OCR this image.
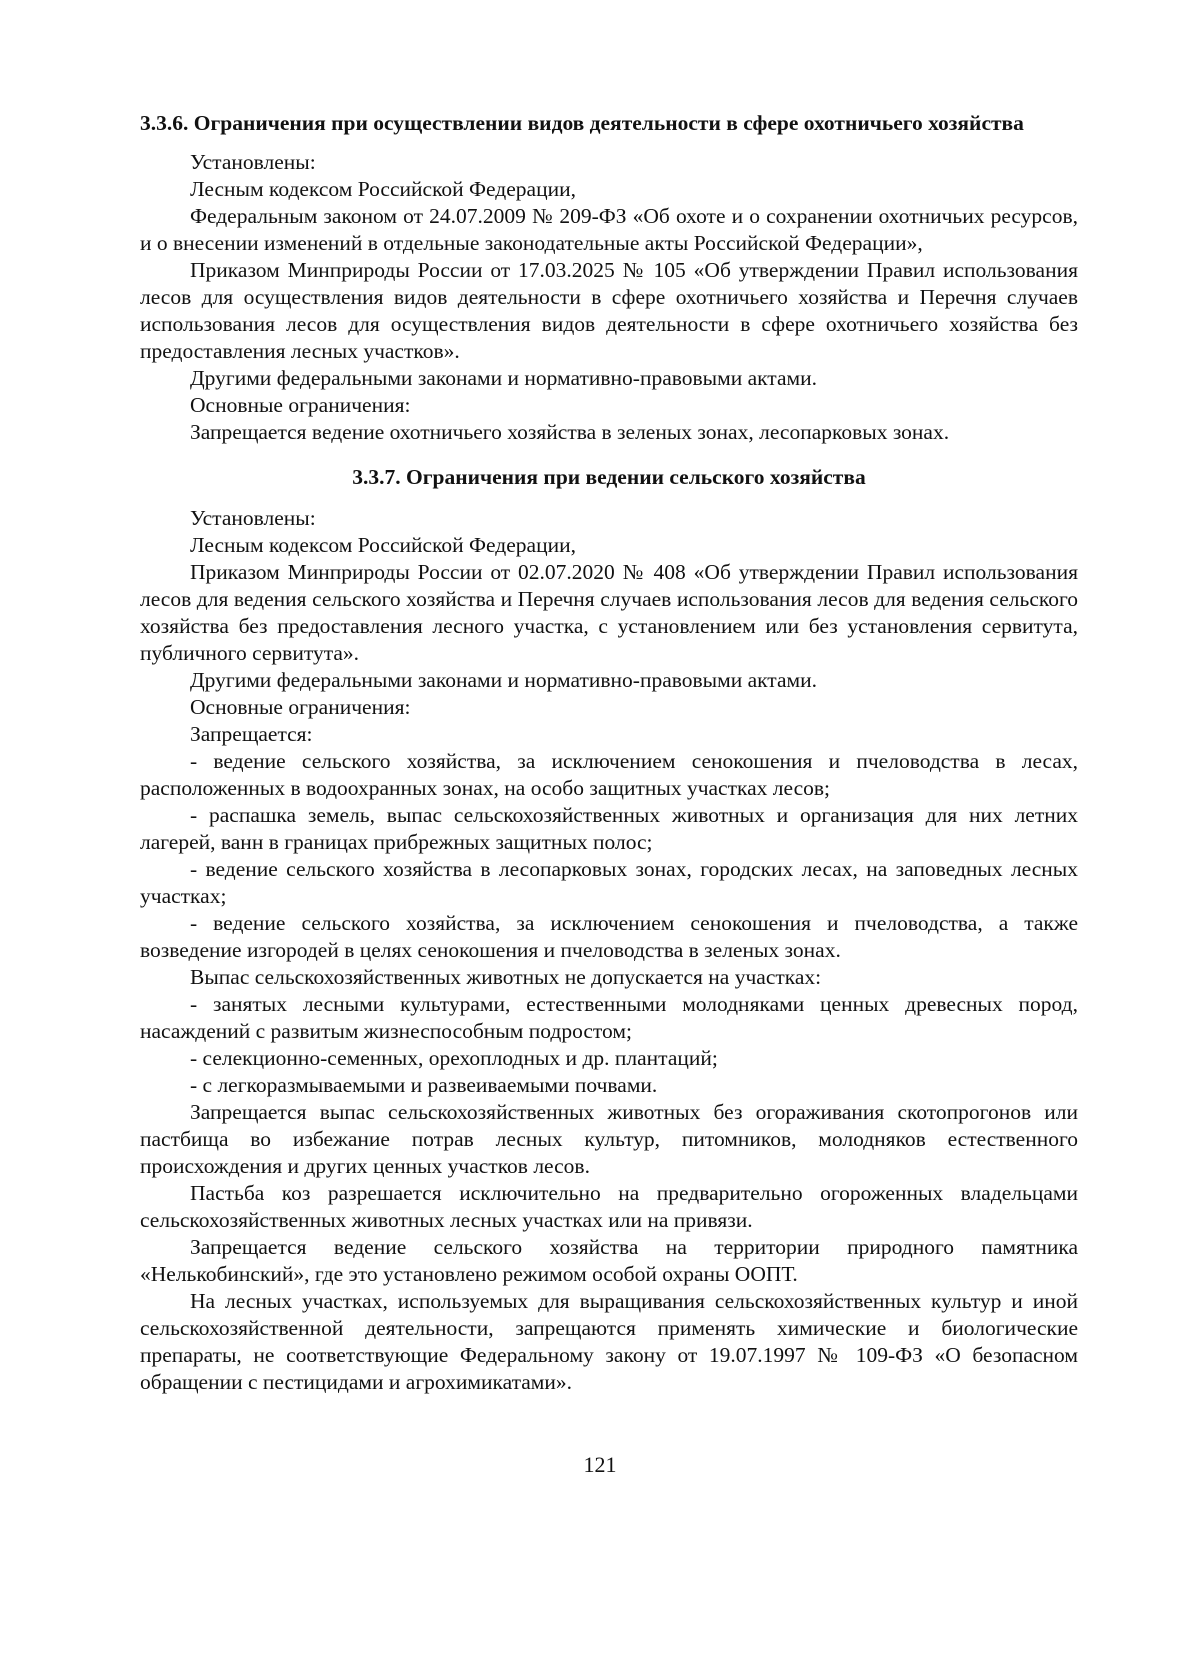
3.3.6. Ограничения при осуществлении видов деятельности в сфере охотничьего хозяйства

Установлены:

Лесным кодексом Российской Федерации,

Федеральным законом от 24.07.2009 № 209-ФЗ «Об охоте и о сохранении охотничьих ресурсов, и о внесении изменений в отдельные законодательные акты Российской Федерации»,

Приказом Минприроды России от 17.03.2025 № 105 «Об утверждении Правил использования лесов для осуществления видов деятельности в сфере охотничьего хозяйства и Перечня случаев использования лесов для осуществления видов деятельности в сфере охотничьего хозяйства без предоставления лесных участков».

Другими федеральными законами и нормативно-правовыми актами.

Основные ограничения:

Запрещается ведение охотничьего хозяйства в зеленых зонах, лесопарковых зонах.

3.3.7. Ограничения при ведении сельского хозяйства

Установлены:

Лесным кодексом Российской Федерации,

Приказом Минприроды России от 02.07.2020 № 408 «Об утверждении Правил использования лесов для ведения сельского хозяйства и Перечня случаев использования лесов для ведения сельского хозяйства без предоставления лесного участка, с установлением или без установления сервитута, публичного сервитута».

Другими федеральными законами и нормативно-правовыми актами.

Основные ограничения:

Запрещается:

- ведение сельского хозяйства, за исключением сенокошения и пчеловодства в лесах, расположенных в водоохранных зонах, на особо защитных участках лесов;

- распашка земель, выпас сельскохозяйственных животных и организация для них летних лагерей, ванн в границах прибрежных защитных полос;

- ведение сельского хозяйства в лесопарковых зонах, городских лесах, на заповедных лесных участках;

- ведение сельского хозяйства, за исключением сенокошения и пчеловодства, а также возведение изгородей в целях сенокошения и пчеловодства в зеленых зонах.

Выпас сельскохозяйственных животных не допускается на участках:

- занятых лесными культурами, естественными молодняками ценных древесных пород, насаждений с развитым жизнеспособным подростом;

- селекционно-семенных, орехоплодных и др. плантаций;

- с легкоразмываемыми и развеиваемыми почвами.

Запрещается выпас сельскохозяйственных животных без огораживания скотопрогонов или пастбища во избежание потрав лесных культур, питомников, молодняков естественного происхождения и других ценных участков лесов.

Пастьба коз разрешается исключительно на предварительно огороженных владельцами сельскохозяйственных животных лесных участках или на привязи.

Запрещается ведение сельского хозяйства на территории природного памятника «Нелькобинский», где это установлено режимом особой охраны ООПТ.

На лесных участках, используемых для выращивания сельскохозяйственных культур и иной сельскохозяйственной деятельности, запрещаются применять химические и биологические препараты, не соответствующие Федеральному закону от 19.07.1997 № 109-ФЗ «О безопасном обращении с пестицидами и агрохимикатами».

121
